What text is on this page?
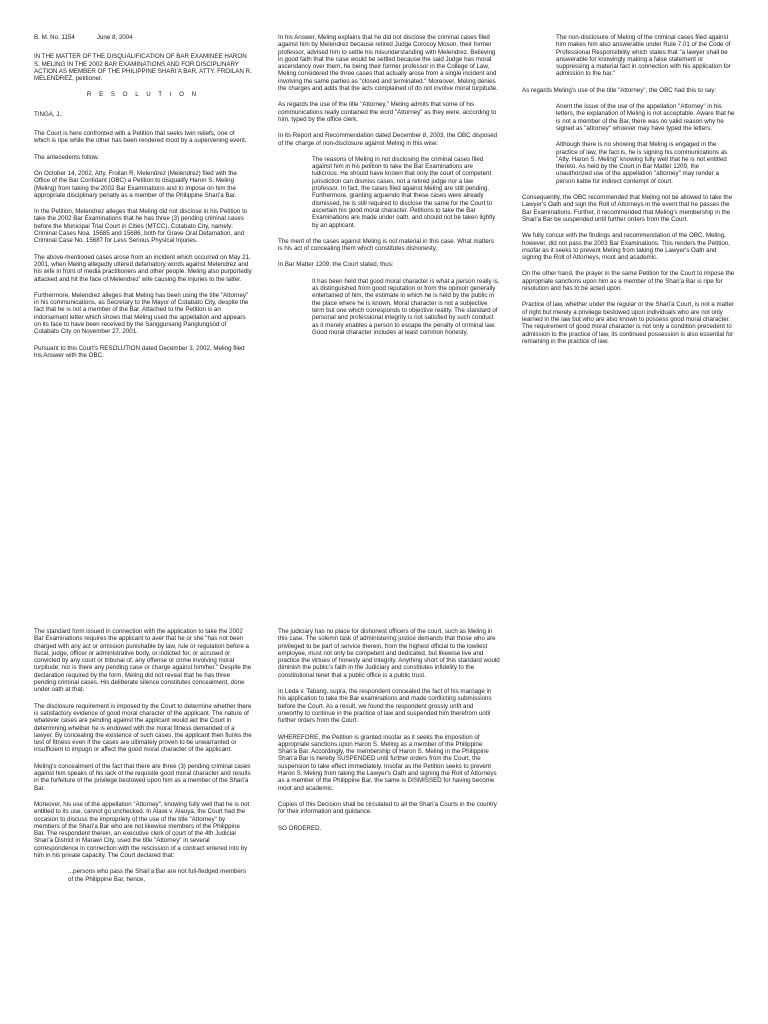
B. M. No. 1154	June 8, 2004

IN THE MATTER OF THE DISQUALIFICATION OF BAR EXAMINEE HARON S. MELING IN THE 2002 BAR EXAMINATIONS AND FOR DISCIPLINARY ACTION AS MEMBER OF THE PHILIPPINE SHARI'A BAR, ATTY. FROILAN R. MELENDREZ, petitioner.

R E S O L U T I O N
TINGA, J.:

The Court is here confronted with a Petition that seeks twin reliefs, one of which is ripe while the other has been rendered moot by a supervening event.

The antecedents follow.

On October 14, 2002, Atty. Froilan R. Melendrez (Melendrez) filed with the Office of the Bar Confidant (OBC) a Petition to disqualify Haron S. Meling (Meling) from taking the 2002 Bar Examinations and to impose on him the appropriate disciplinary penalty as a member of the Philippine Shari'a Bar.

In the Petition, Melendrez alleges that Meling did not disclose in his Petition to take the 2002 Bar Examinations that he has three (3) pending criminal cases before the Municipal Trial Court in Cities (MTCC), Cotabato City, namely: Criminal Cases Noa. 15685 and 15686, both for Grave Oral Defamation, and Criminal Case No. 15687 for Less Serious Physical Injuries.

The above-mentioned cases arose from an incident which occurred on May 21, 2001, when Meling allegedly uttered defamatory words against Melendrez and his wife in front of media practitioners and other people. Meling also purportedly attacked and hit the face of Melendrez' wife causing the injuries to the latter.

Furthermore, Melendrez alleges that Meling has been using the title "Attorney" in his communications, as Secretary to the Mayor of Cotabato City, despite the fact that he is not a member of the Bar. Attached to the Petition is an indorsement letter which shows that Meling used the appellation and appears on its face to have been received by the Sangguniang Panglungsod of Cotabato City on November 27, 2001.

Pursuant to this Court's RESOLUTION dated December 3, 2002, Meling filed his Answer with the OBC.

In his Answer, Meling explains that he did not disclose the criminal cases filed against him by Melendrez because retired Judge Corocoy Moson, their former professor, advised him to settle his misunderstanding with Melendrez. Believing in good faith that the case would be settled because the said Judge has moral ascendancy over them, he being their former professor in the College of Law, Meling considered the three cases that actually arose from a single incident and involving the same parties as "closed and terminated." Moreover, Meling denies the charges and adds that the acts complained of do not involve moral turpitude.

As regards the use of the title "Attorney," Meling admits that some of his communications really contained the word "Attorney" as they were, according to him, typed by the office clerk.

In its Report and Recommendation dated December 8, 2003, the OBC disposed of the charge of non-disclosure against Meling in this wise:

The reasons of Meling in not disclosing the criminal cases filed against him in his petition to take the Bar Examinations are ludicrous. He should have known that only the court of competent jurisdiction can dismiss cases, not a retired judge nor a law professor. In fact, the cases filed against Meling are still pending. Furthermore, granting arguendo that these cases were already dismissed, he is still required to disclose the same for the Court to ascertain his good moral character. Petitions to take the Bar Examinations are made under oath, and should not be taken lightly by an applicant.

The merit of the cases against Meling is not material in this case. What matters is his act of concealing them which constitutes dishonesty.

In Bar Matter 1209, the Court stated, thus:

It has been held that good moral character is what a person really is, as distinguished from good reputation or from the opinion generally entertained of him, the estimate in which he is held by the public in the place where he is known. Moral character is not a subjective term but one which corresponds to objective reality. The standard of personal and professional integrity is not satisfied by such conduct as it merely enables a person to escape the penalty of criminal law. Good moral character includes at least common honesty.
The non-disclosure of Meling of the criminal cases filed against him makes him also answerable under Rule 7.01 of the Code of Professional Responsibility which states that "a lawyer shall be answerable for knowingly making a false statement or suppressing a material fact in connection with his application for admission to the bar."

As regards Meling's use of the title "Attorney", the OBC had this to say:

Anent the issue of the use of the appellation "Attorney" in his letters, the explanation of Meling is not acceptable. Aware that he is not a member of the Bar, there was no valid reason why he signed as "attorney" whoever may have typed the letters.
Although there is no showing that Meling is engaged in the practice of law, the fact is, he is signing his communications as "Atty. Haron S. Meling" knowing fully well that he is not entitled thereto. As held by the Court in Bar Matter 1209, the unauthorized use of the appellation "attorney" may render a person liable for indirect contempt of court.

Consequently, the OBC recommended that Meling not be allowed to take the Lawyer's Oath and sign the Roll of Attorneys in the event that he passes the Bar Examinations. Further, it recommended that Meling's membership in the Shari'a Bar be suspended until further orders from the Court.

We fully concur with the findings and recommendation of the OBC. Meling, however, did not pass the 2003 Bar Examinations. This renders the Petition, insofar as it seeks to prevent Meling from taking the Lawyer's Oath and signing the Roll of Attorneys, moot and academic.

On the other hand, the prayer in the same Petition for the Court to impose the appropriate sanctions upon him as a member of the Shari'a Bar is ripe for resolution and has to be acted upon.

Practice of law, whether under the regular or the Shari'a Court, is not a matter of right but merely a privilege bestowed upon individuals who are not only learned in the law but who are also known to possess good moral character. The requirement of good moral character is not only a condition precedent to admission to the practice of law, its continued possession is also essential for remaining in the practice of law.

The standard form issued in connection with the application to take the 2002 Bar Examinations requires the applicant to aver that he or she "has not been charged with any act or omission punishable by law, rule or regulation before a fiscal, judge, officer or administrative body, or indicted for, or accused or convicted by any court or tribunal of, any offense or crime involving moral turpitude; nor is there any pending case or charge against him/her." Despite the declaration required by the form, Meling did not reveal that he has three pending criminal cases. His deliberate silence constitutes concealment, done under oath at that.

The disclosure requirement is imposed by the Court to determine whether there is satisfactory evidence of good moral character of the applicant. The nature of whatever cases are pending against the applicant would aid the Court in determining whether he is endowed with the moral fitness demanded of a lawyer. By concealing the existence of such cases, the applicant then flunks the test of fitness even if the cases are ultimately proven to be unwarranted or insufficient to impugn or affect the good moral character of the applicant.

Meling's concealment of the fact that there are three (3) pending criminal cases against him speaks of his lack of the requisite good moral character and results in the forfeiture of the privilege bestowed upon him as a member of the Shari'a Bar.

Moreover, his use of the appellation "Attorney", knowing fully well that he is not entitled to its use, cannot go unchecked. In Alawi v. Alauya, the Court had the occasion to discuss the impropriety of the use of the title "Attorney" by members of the Shari'a Bar who are not likewise members of the Philippine Bar. The respondent therein, an executive clerk of court of the 4th Judicial Shari'a District in Marawi City, used the title "Attorney" in several correspondence in connection with the rescission of a contract entered into by him in his private capacity. The Court declared that:

...persons who pass the Shari'a Bar are not full-fledged members of the Philippine Bar, hence,

The judiciary has no place for dishonest officers of the court, such as Meling in this case. The solemn task of administering justice demands that those who are privileged to be part of service therein, from the highest official to the lowliest employee, must not only be competent and dedicated, but likewise live and practice the virtues of honesty and integrity. Anything short of this standard would diminish the public's faith in the Judiciary and constitutes infidelity to the constitutional tenet that a public office is a public trust.

In Leda v. Tabang, supra, the respondent concealed the fact of his marriage in his application to take the Bar examinations and made conflicting submissions before the Court. As a result, we found the respondent grossly unfit and unworthy to continue in the practice of law and suspended him therefrom until further orders from the Court.

WHEREFORE, the Petition is granted insofar as it seeks the imposition of appropriate sanctions upon Haron S. Meling as a member of the Philippine Shari'a Bar. Accordingly, the membership of Haron S. Meling in the Philippine Shari'a Bar is hereby SUSPENDED until further orders from the Court, the suspension to take effect immediately. Insofar as the Petition seeks to prevent Haron S. Meling from taking the Lawyer's Oath and signing the Roll of Attorneys as a member of the Philippine Bar, the same is DISMISSED for having become moot and academic.

Copies of this Decision shall be circulated to all the Shari'a Courts in the country for their information and guidance.

SO ORDERED.
